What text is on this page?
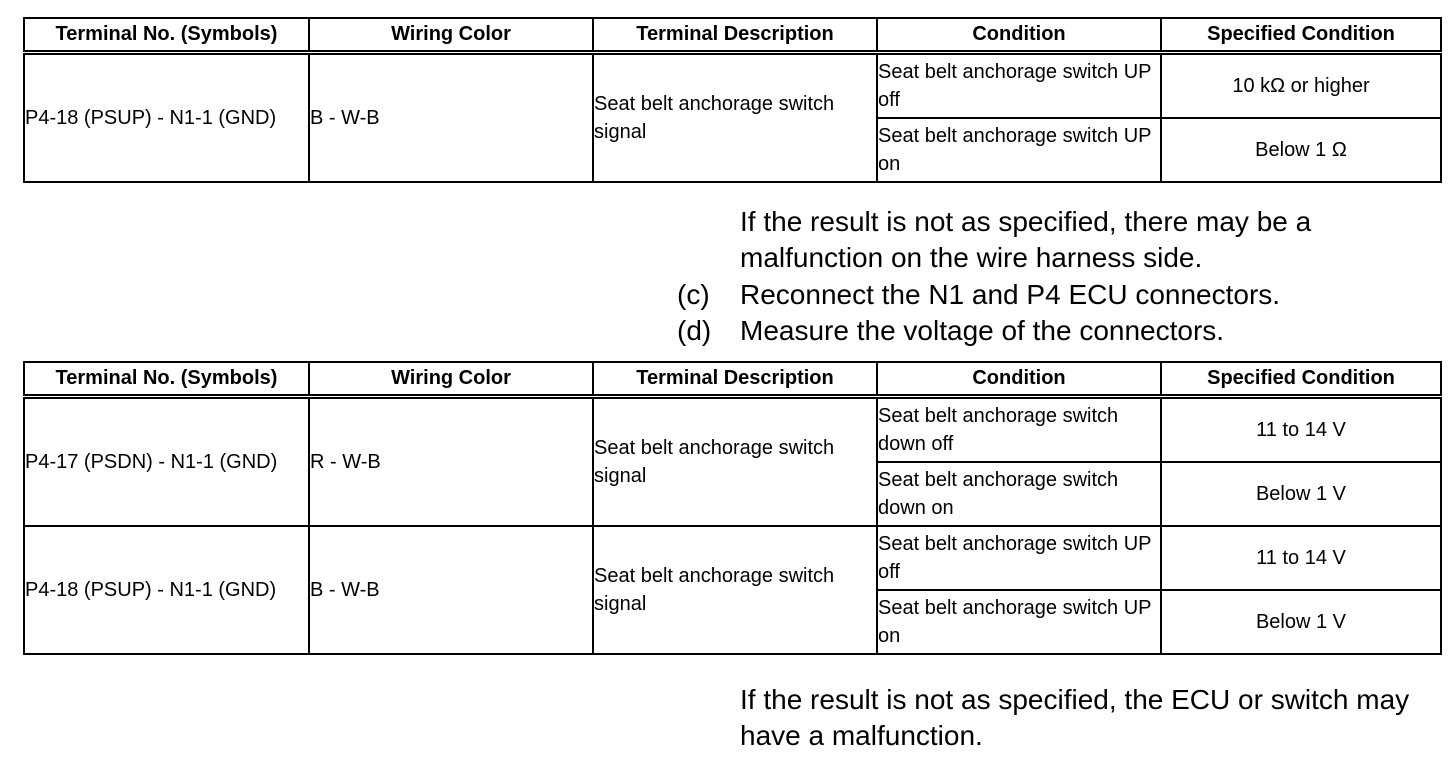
Terminal No. (Symbols)	Wiring Color	Terminal Description	Condition	Specified Condition
P4-18 (PSUP) - N1-1 (GND)	B - W-B	Seat belt anchorage switch signal	Seat belt anchorage switch UP off	10 kΩ or higher
			Seat belt anchorage switch UP on	Below 1 Ω

If the result is not as specified, there may be a malfunction on the wire harness side.

(c) Reconnect the N1 and P4 ECU connectors.
(d) Measure the voltage of the connectors.
Terminal No. (Symbols)	Wiring Color	Terminal Description	Condition	Specified Condition
P4-17 (PSDN) - N1-1 (GND)	R - W-B	Seat belt anchorage switch signal	Seat belt anchorage switch down off	11 to 14 V
			Seat belt anchorage switch down on	Below 1 V
P4-18 (PSUP) - N1-1 (GND)	B - W-B	Seat belt anchorage switch signal	Seat belt anchorage switch UP off	11 to 14 V
			Seat belt anchorage switch UP on	Below 1 V

If the result is not as specified, the ECU or switch may have a malfunction.
